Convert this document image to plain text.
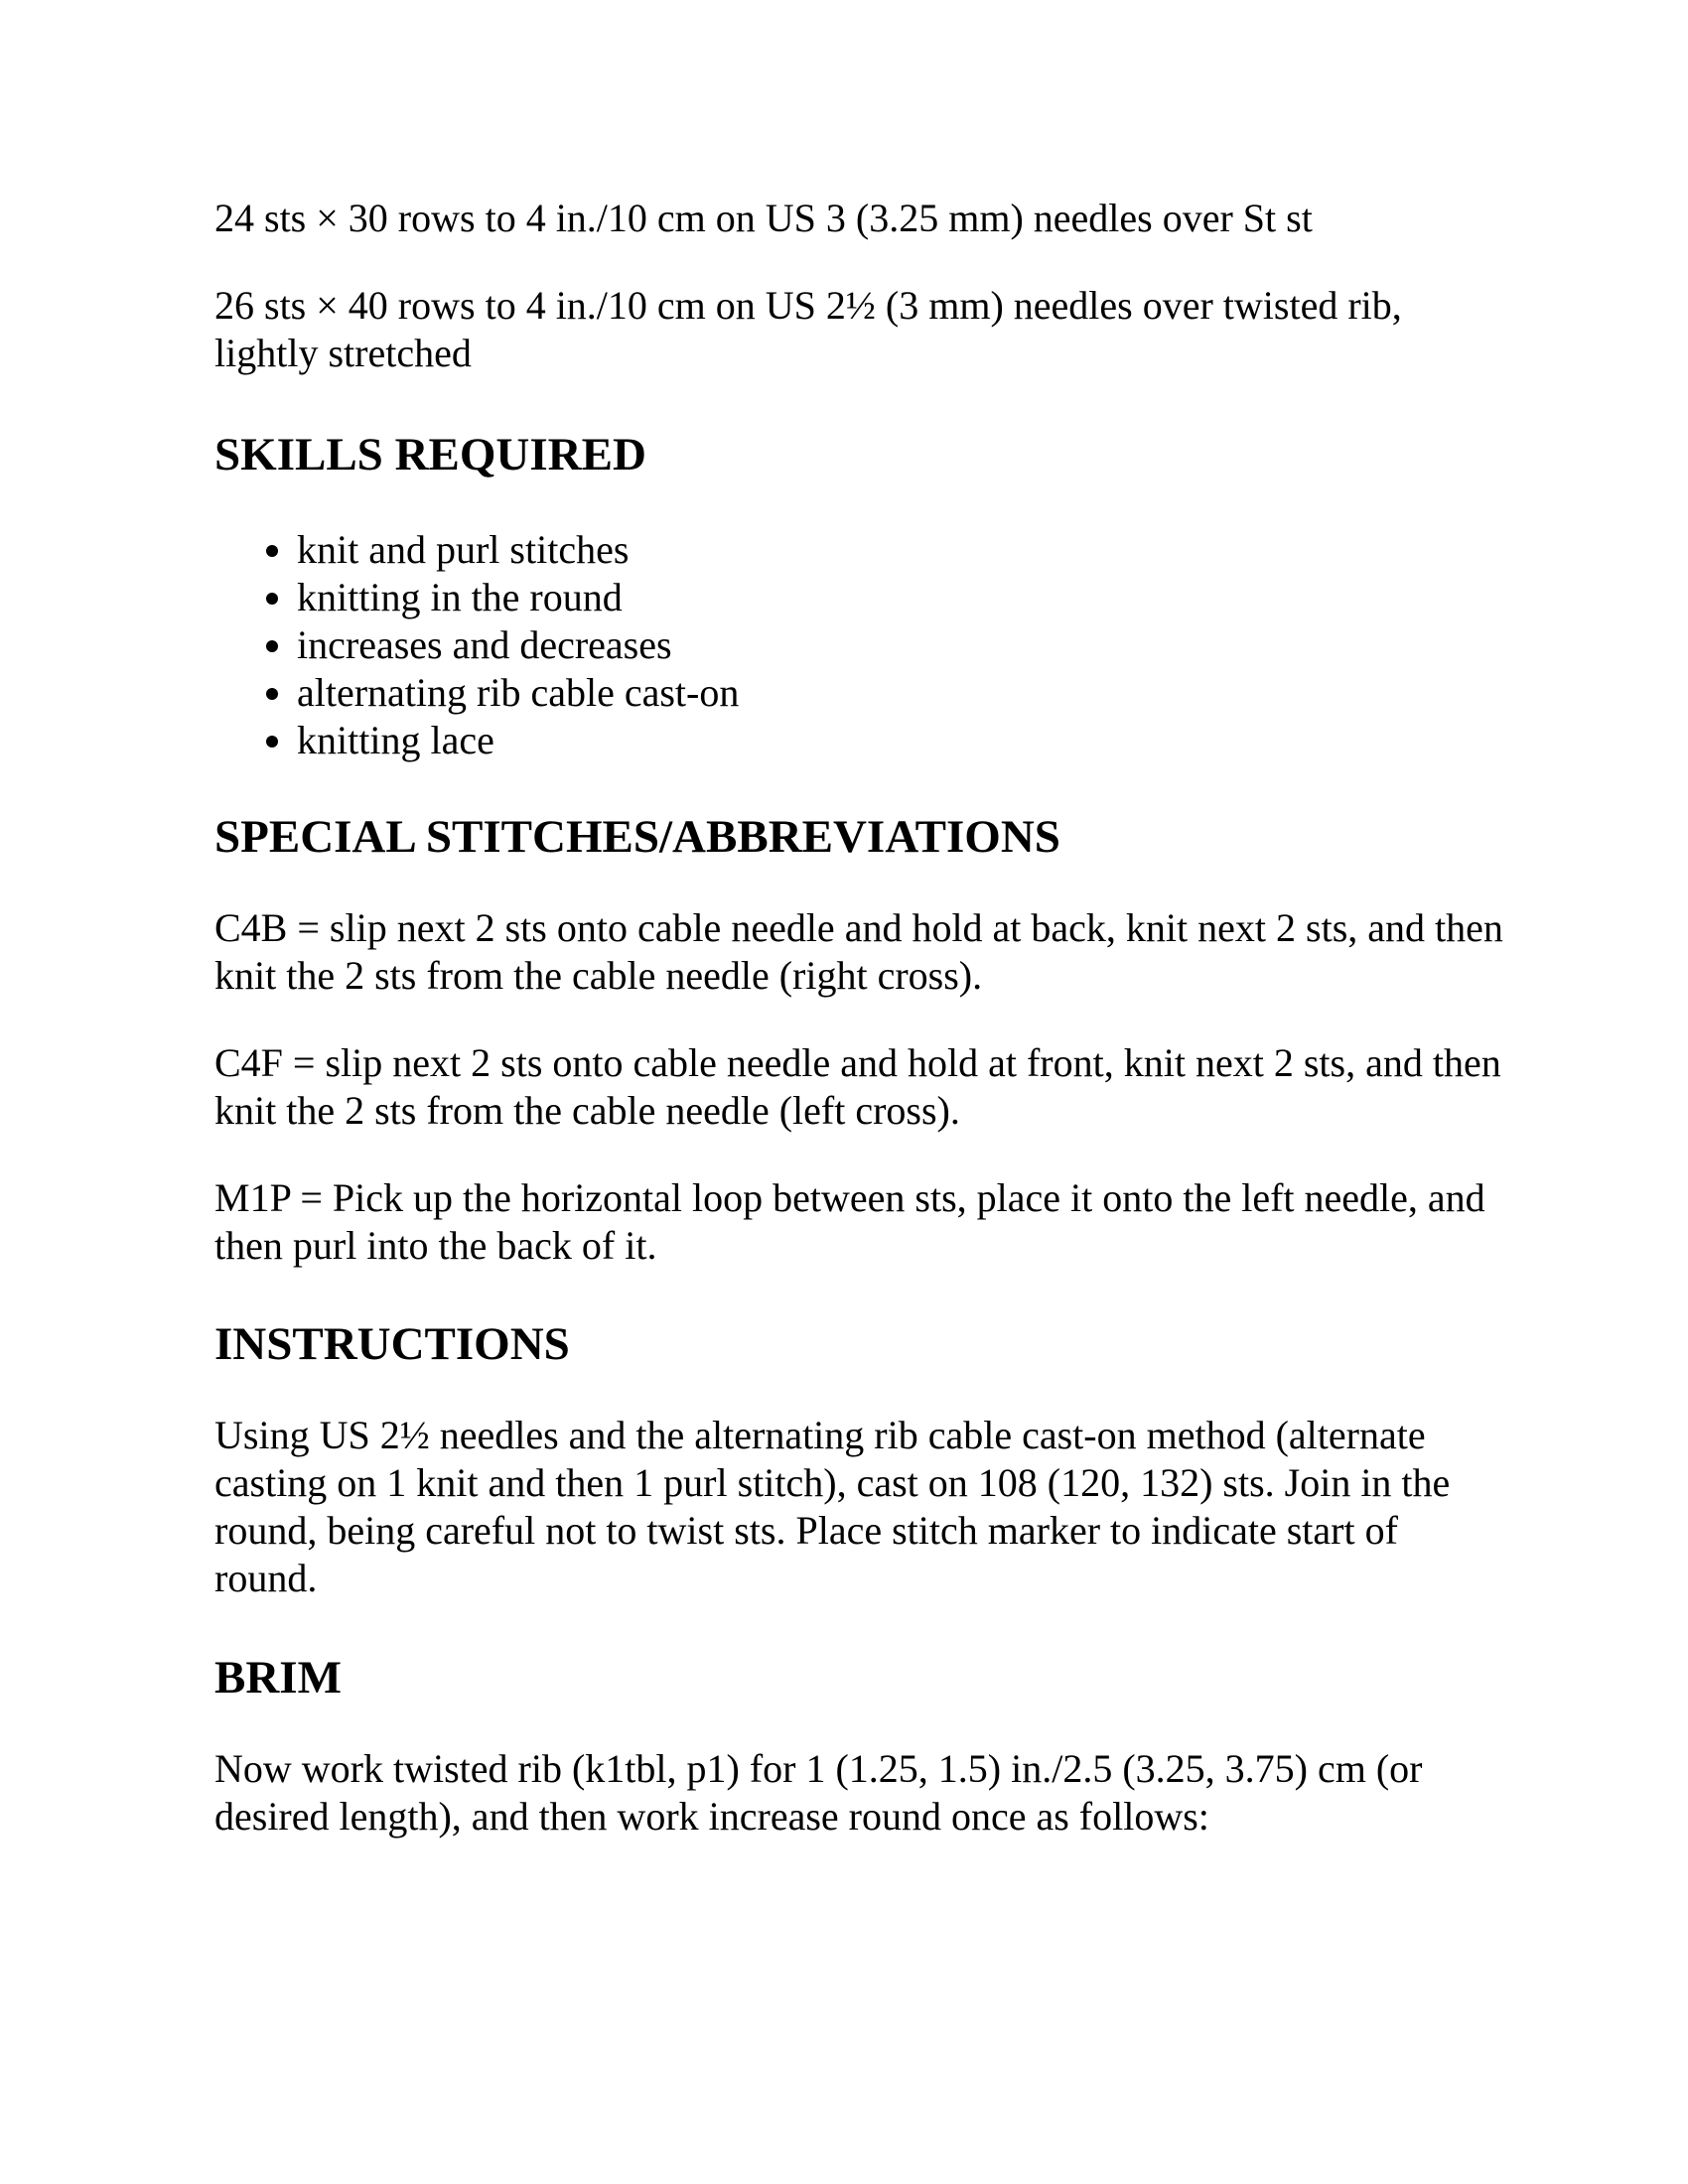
24 sts × 30 rows to 4 in./10 cm on US 3 (3.25 mm) needles over St st

26 sts × 40 rows to 4 in./10 cm on US 2½ (3 mm) needles over twisted rib, lightly stretched

SKILLS REQUIRED
• knit and purl stitches
• knitting in the round
• increases and decreases
• alternating rib cable cast-on
• knitting lace
SPECIAL STITCHES/ABBREVIATIONS

C4B = slip next 2 sts onto cable needle and hold at back, knit next 2 sts, and then knit the 2 sts from the cable needle (right cross).

C4F = slip next 2 sts onto cable needle and hold at front, knit next 2 sts, and then knit the 2 sts from the cable needle (left cross).

M1P = Pick up the horizontal loop between sts, place it onto the left needle, and then purl into the back of it.

INSTRUCTIONS

Using US 2½ needles and the alternating rib cable cast-on method (alternate casting on 1 knit and then 1 purl stitch), cast on 108 (120, 132) sts. Join in the round, being careful not to twist sts. Place stitch marker to indicate start of round.

BRIM

Now work twisted rib (k1tbl, p1) for 1 (1.25, 1.5) in./2.5 (3.25, 3.75) cm (or desired length), and then work increase round once as follows:
